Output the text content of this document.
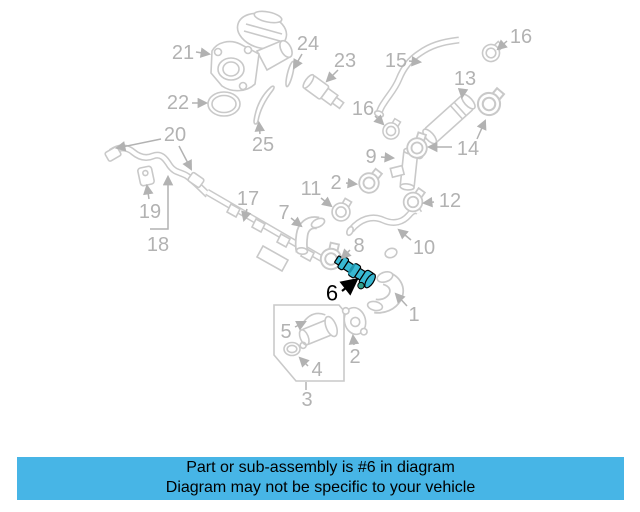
21
22
20
19
18
25
24
23
17
7
11 2
9
16
15
16
13
14
12
10
8
6
1
2
5
4
3
Part or sub-assembly is #6 in diagram
Diagram may not be specific to your vehicle
